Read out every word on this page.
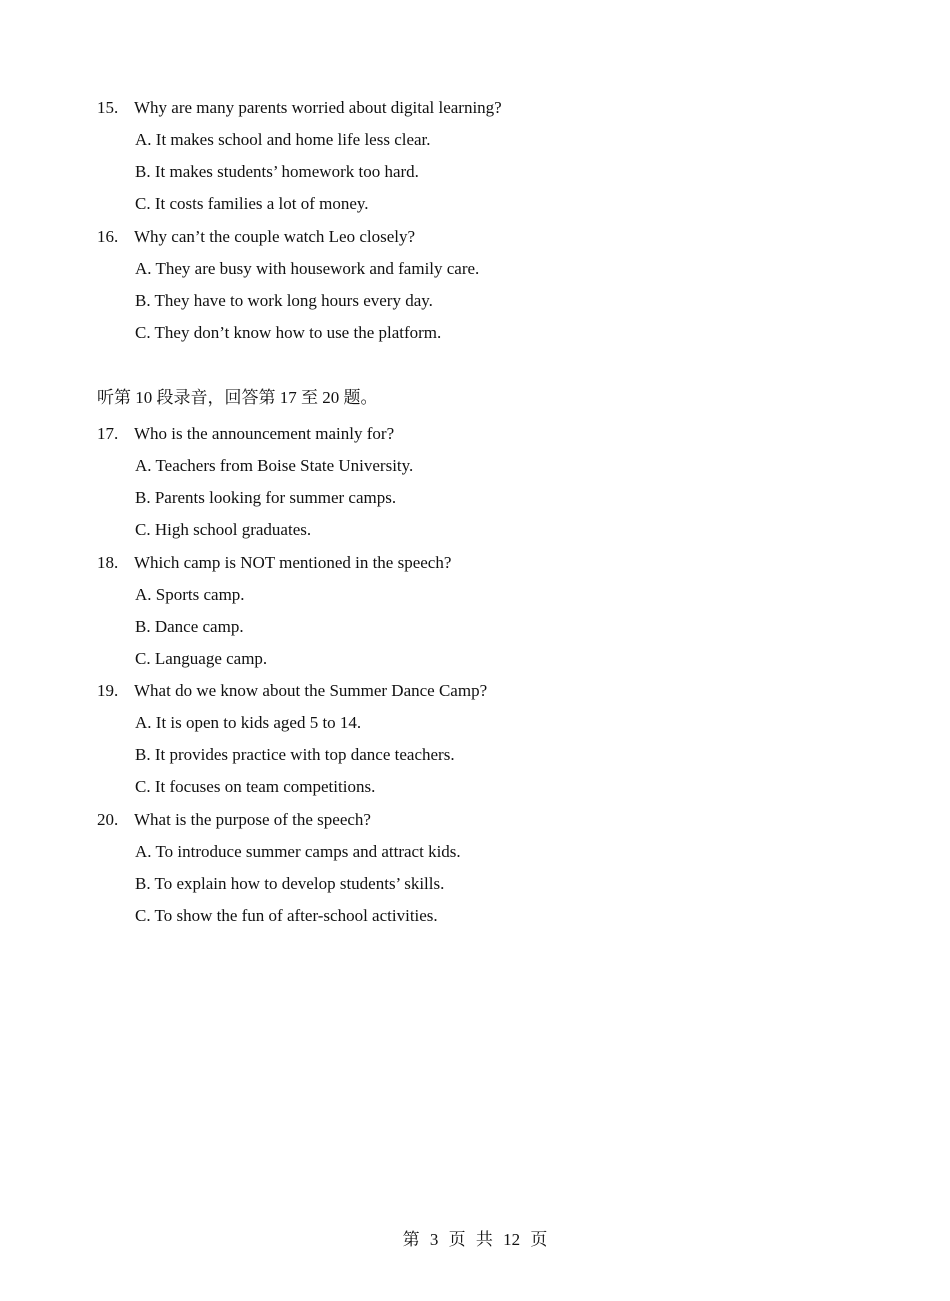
15. Why are many parents worried about digital learning?
A. It makes school and home life less clear.
B. It makes students’ homework too hard.
C. It costs families a lot of money.
16. Why can’t the couple watch Leo closely?
A. They are busy with housework and family care.
B. They have to work long hours every day.
C. They don’t know how to use the platform.
听第 10 段录音，回答第 17 至 20 题。
17. Who is the announcement mainly for?
A. Teachers from Boise State University.
B. Parents looking for summer camps.
C. High school graduates.
18. Which camp is NOT mentioned in the speech?
A. Sports camp.
B. Dance camp.
C. Language camp.
19. What do we know about the Summer Dance Camp?
A. It is open to kids aged 5 to 14.
B. It provides practice with top dance teachers.
C. It focuses on team competitions.
20. What is the purpose of the speech?
A. To introduce summer camps and attract kids.
B. To explain how to develop students’ skills.
C. To show the fun of after-school activities.
第 3 页 共 12 页
